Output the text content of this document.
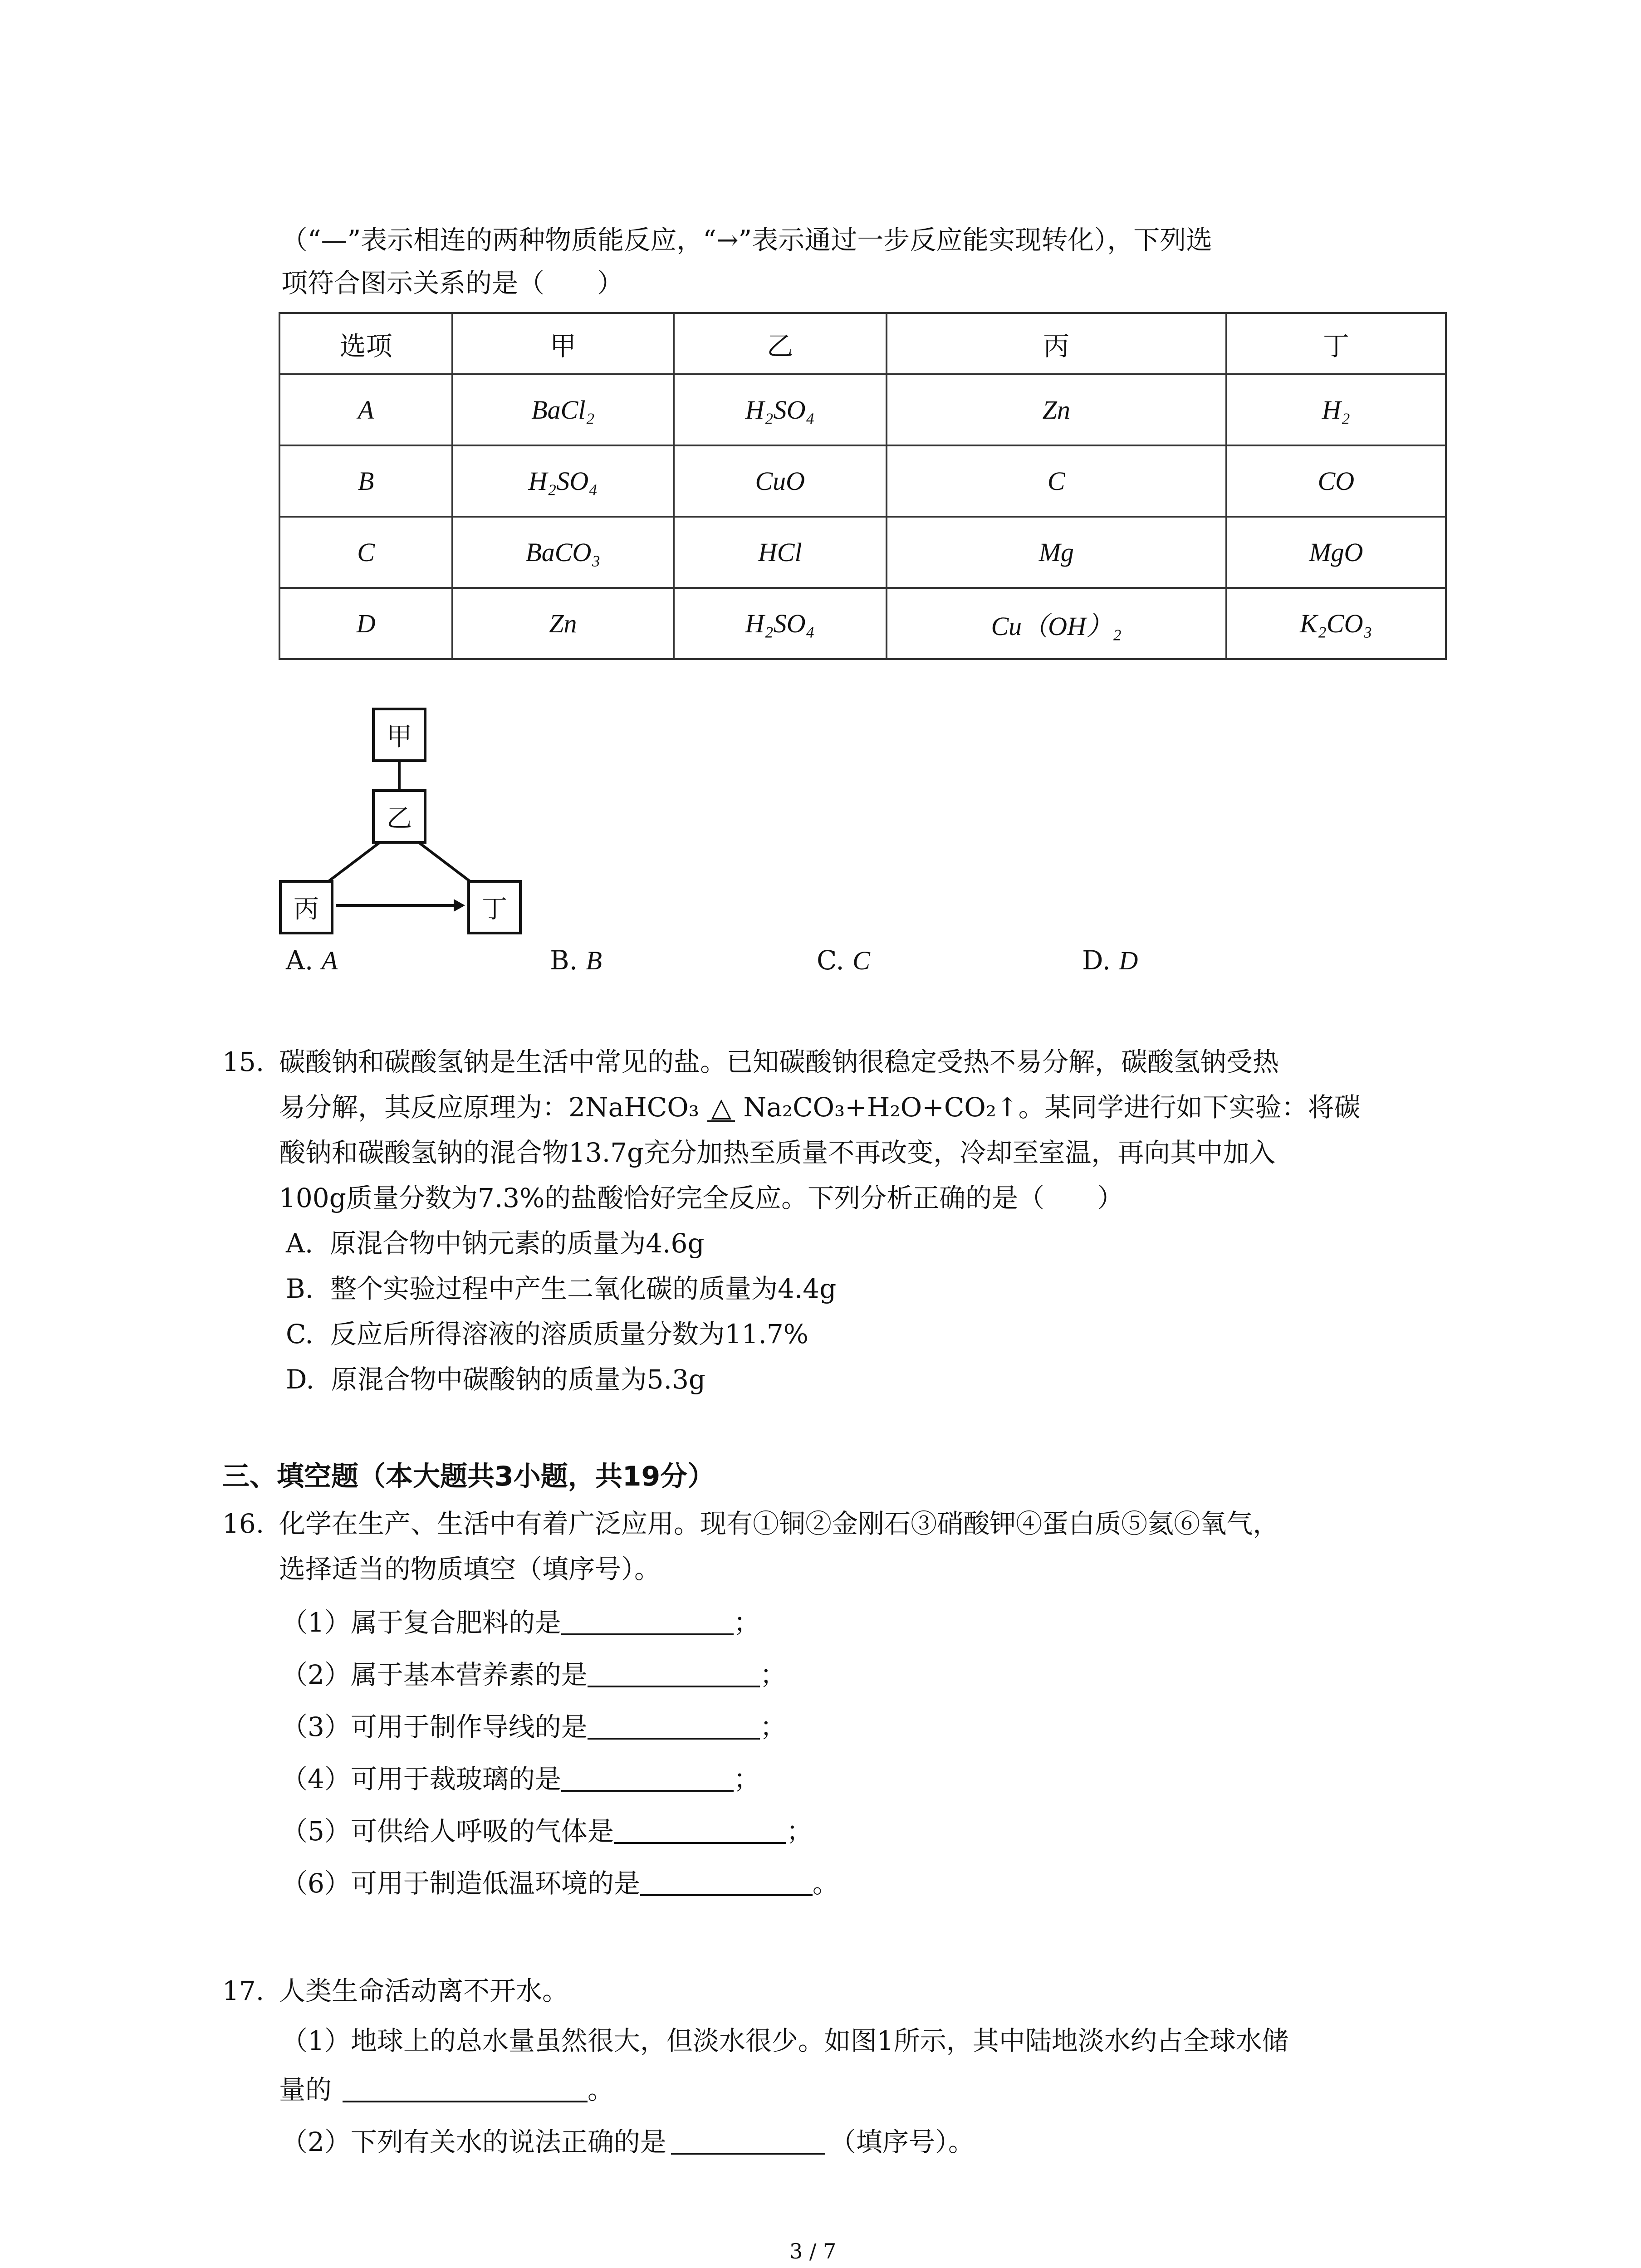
（“—”表示相连的两种物质能反应，“→”表示通过一步反应能实现转化），下列选
项符合图示关系的是（　　）
选项	甲	乙	丙	丁
A	BaCl₂	H₂SO₄	Zn	H₂
B	H₂SO₄	CuO	C	CO
C	BaCO₃	HCl	Mg	MgO
D	Zn	H₂SO₄	Cu（OH）₂	K₂CO₃
甲
乙
丙	丁
A. A	B. B	C. C	D. D
15. 碳酸钠和碳酸氢钠是生活中常见的盐。已知碳酸钠很稳定受热不易分解，碳酸氢钠受热
易分解，其反应原理为：2NaHCO₃ △ Na₂CO₃+H₂O+CO₂↑。某同学进行如下实验：将碳
酸钠和碳酸氢钠的混合物13.7g充分加热至质量不再改变，冷却至室温，再向其中加入
100g质量分数为7.3%的盐酸恰好完全反应。下列分析正确的是（　　）
A. 原混合物中钠元素的质量为4.6g
B. 整个实验过程中产生二氧化碳的质量为4.4g
C. 反应后所得溶液的溶质质量分数为11.7%
D. 原混合物中碳酸钠的质量为5.3g
三、填空题（本大题共3小题，共19分）
16. 化学在生产、生活中有着广泛应用。现有①铜②金刚石③硝酸钾④蛋白质⑤氦⑥氧气，
选择适当的物质填空（填序号）。
（1）属于复合肥料的是	；
（2）属于基本营养素的是	；
（3）可用于制作导线的是	；
（4）可用于裁玻璃的是	；
（5）可供给人呼吸的气体是	；
（6）可用于制造低温环境的是	。
17. 人类生命活动离不开水。
（1）地球上的总水量虽然很大，但淡水很少。如图1所示，其中陆地淡水约占全球水储
量的	。
（2）下列有关水的说法正确的是	（填序号）。
3 / 7
